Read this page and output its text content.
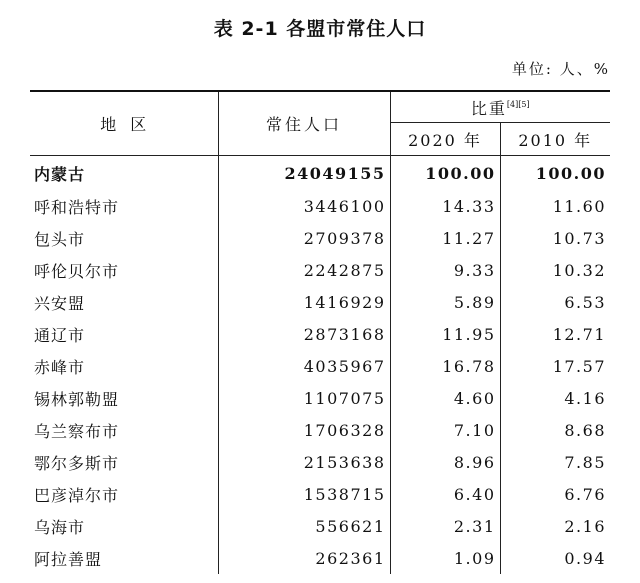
表 2-1 各盟市常住人口
单位: 人、%
地区	常住人口	比重[4][5]
		2020 年	2010 年
内蒙古	24049155	100.00	100.00
呼和浩特市	3446100	14.33	11.60
包头市	2709378	11.27	10.73
呼伦贝尔市	2242875	9.33	10.32
兴安盟	1416929	5.89	6.53
通辽市	2873168	11.95	12.71
赤峰市	4035967	16.78	17.57
锡林郭勒盟	1107075	4.60	4.16
乌兰察布市	1706328	7.10	8.68
鄂尔多斯市	2153638	8.96	7.85
巴彦淖尔市	1538715	6.40	6.76
乌海市	556621	2.31	2.16
阿拉善盟	262361	1.09	0.94
